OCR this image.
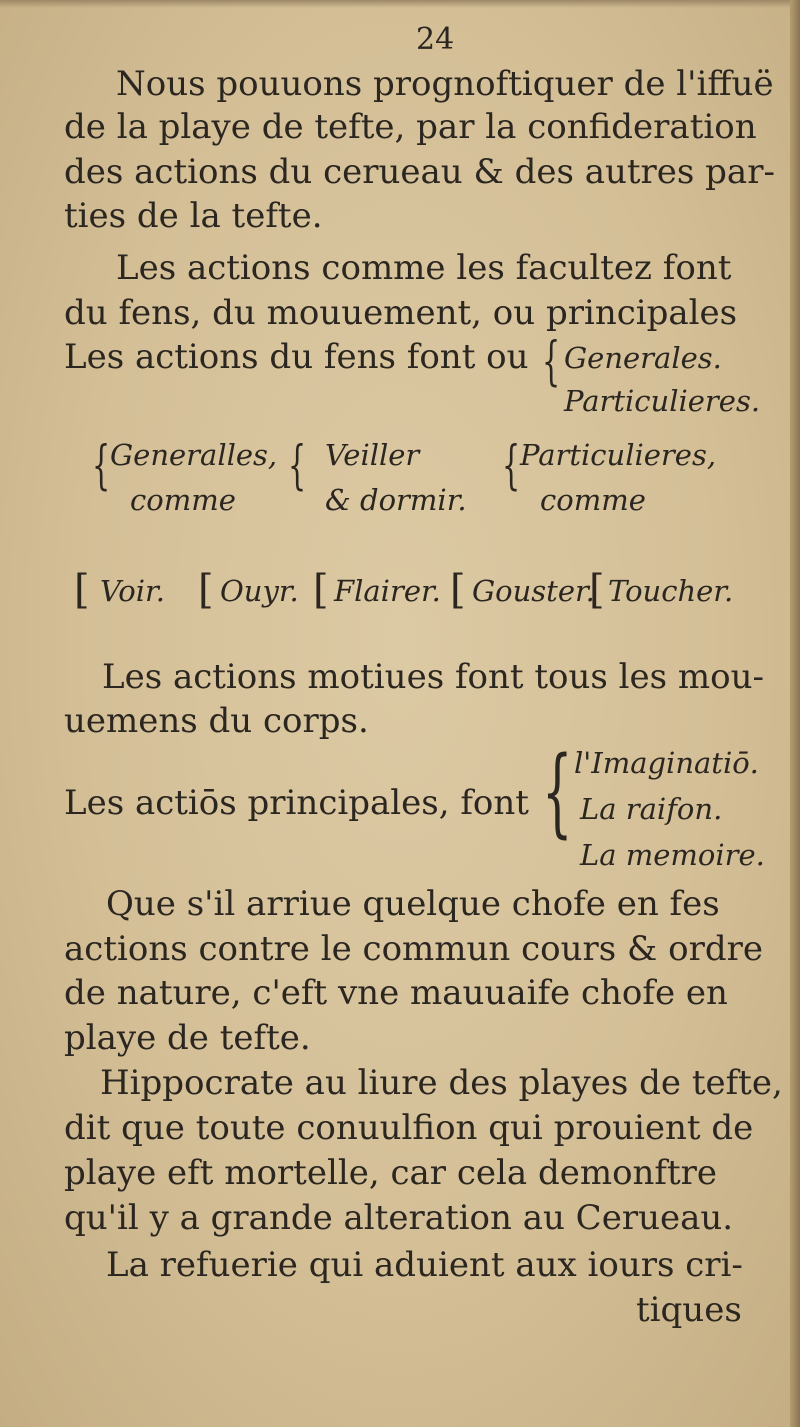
24
Nous pouuons prognoftiquer de l'iffuë
de la playe de tefte, par la confideration
des actions du cerueau & des autres par-
ties de la tefte.
Les actions comme les facultez font
du fens, du mouuement, ou principales
Les actions du fens font ou { Generales.
Particulieres.
{ Generalles,
comme
{ Veiller
& dormir.
{ Particulieres,
comme
[ Voir. [ Ouyr. [ Flairer. [ Gouster.
[ Toucher.
Les actions motiues font tous les mou-
uemens du corps.
Les actiōs principales, font { l'Imaginatiō.
La raifon.
La memoire.
Que s'il arriue quelque chofe en fes
actions contre le commun cours & ordre
de nature, c'eft vne mauuaife chofe en
playe de tefte.
Hippocrate au liure des playes de tefte,
dit que toute conuulfion qui prouient de
playe eft mortelle, car cela demonftre
qu'il y a grande alteration au Cerueau.
La refuerie qui aduient aux iours cri-
tiques
